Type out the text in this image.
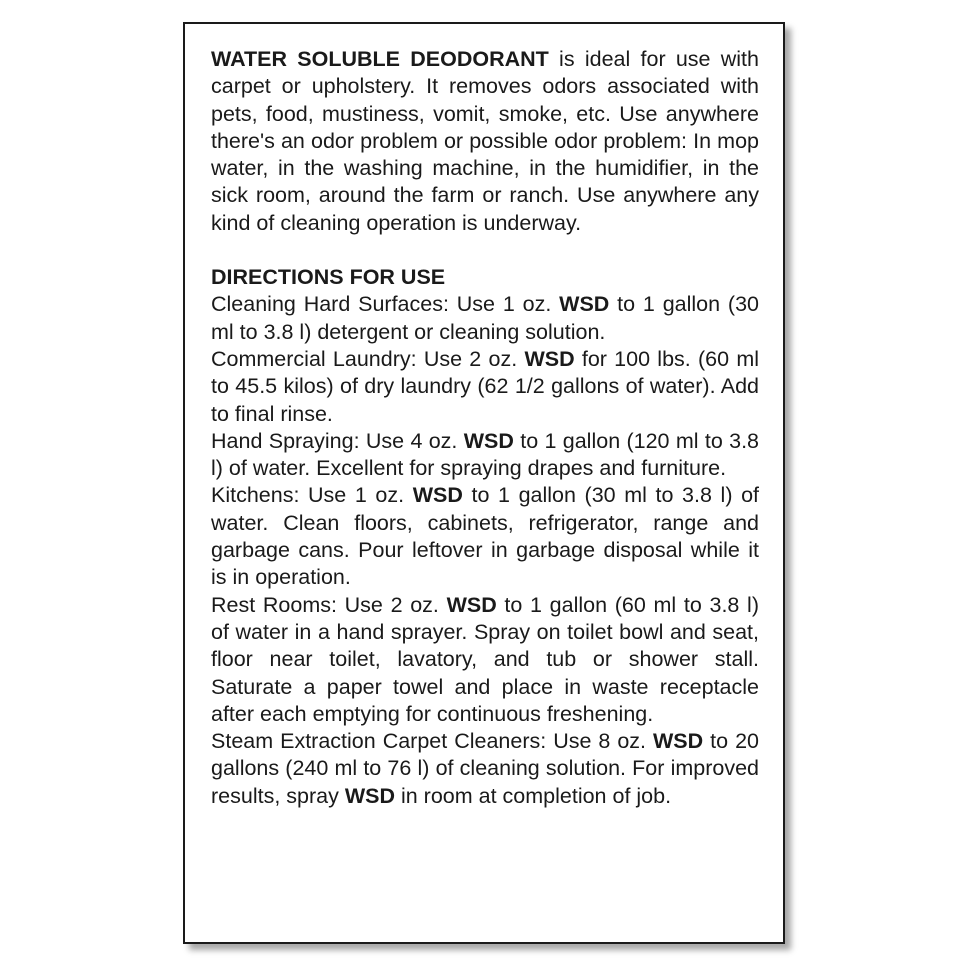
WATER SOLUBLE DEODORANT is ideal for use with carpet or upholstery. It removes odors associated with pets, food, mustiness, vomit, smoke, etc. Use anywhere there's an odor problem or possible odor problem: In mop water, in the washing machine, in the humidifier, in the sick room, around the farm or ranch. Use anywhere any kind of cleaning operation is underway.

DIRECTIONS FOR USE

Cleaning Hard Surfaces: Use 1 oz. WSD to 1 gallon (30 ml to 3.8 l) detergent or cleaning solution.

Commercial Laundry: Use 2 oz. WSD for 100 lbs. (60 ml to 45.5 kilos) of dry laundry (62 1/2 gallons of water). Add to final rinse.

Hand Spraying: Use 4 oz. WSD to 1 gallon (120 ml to 3.8 l) of water. Excellent for spraying drapes and furniture.

Kitchens: Use 1 oz. WSD to 1 gallon (30 ml to 3.8 l) of water. Clean floors, cabinets, refrigerator, range and garbage cans. Pour leftover in garbage disposal while it is in operation.

Rest Rooms: Use 2 oz. WSD to 1 gallon (60 ml to 3.8 l) of water in a hand sprayer. Spray on toilet bowl and seat, floor near toilet, lavatory, and tub or shower stall. Saturate a paper towel and place in waste receptacle after each emptying for continuous freshening.

Steam Extraction Carpet Cleaners: Use 8 oz. WSD to 20 gallons (240 ml to 76 l) of cleaning solution. For improved results, spray WSD in room at completion of job.
